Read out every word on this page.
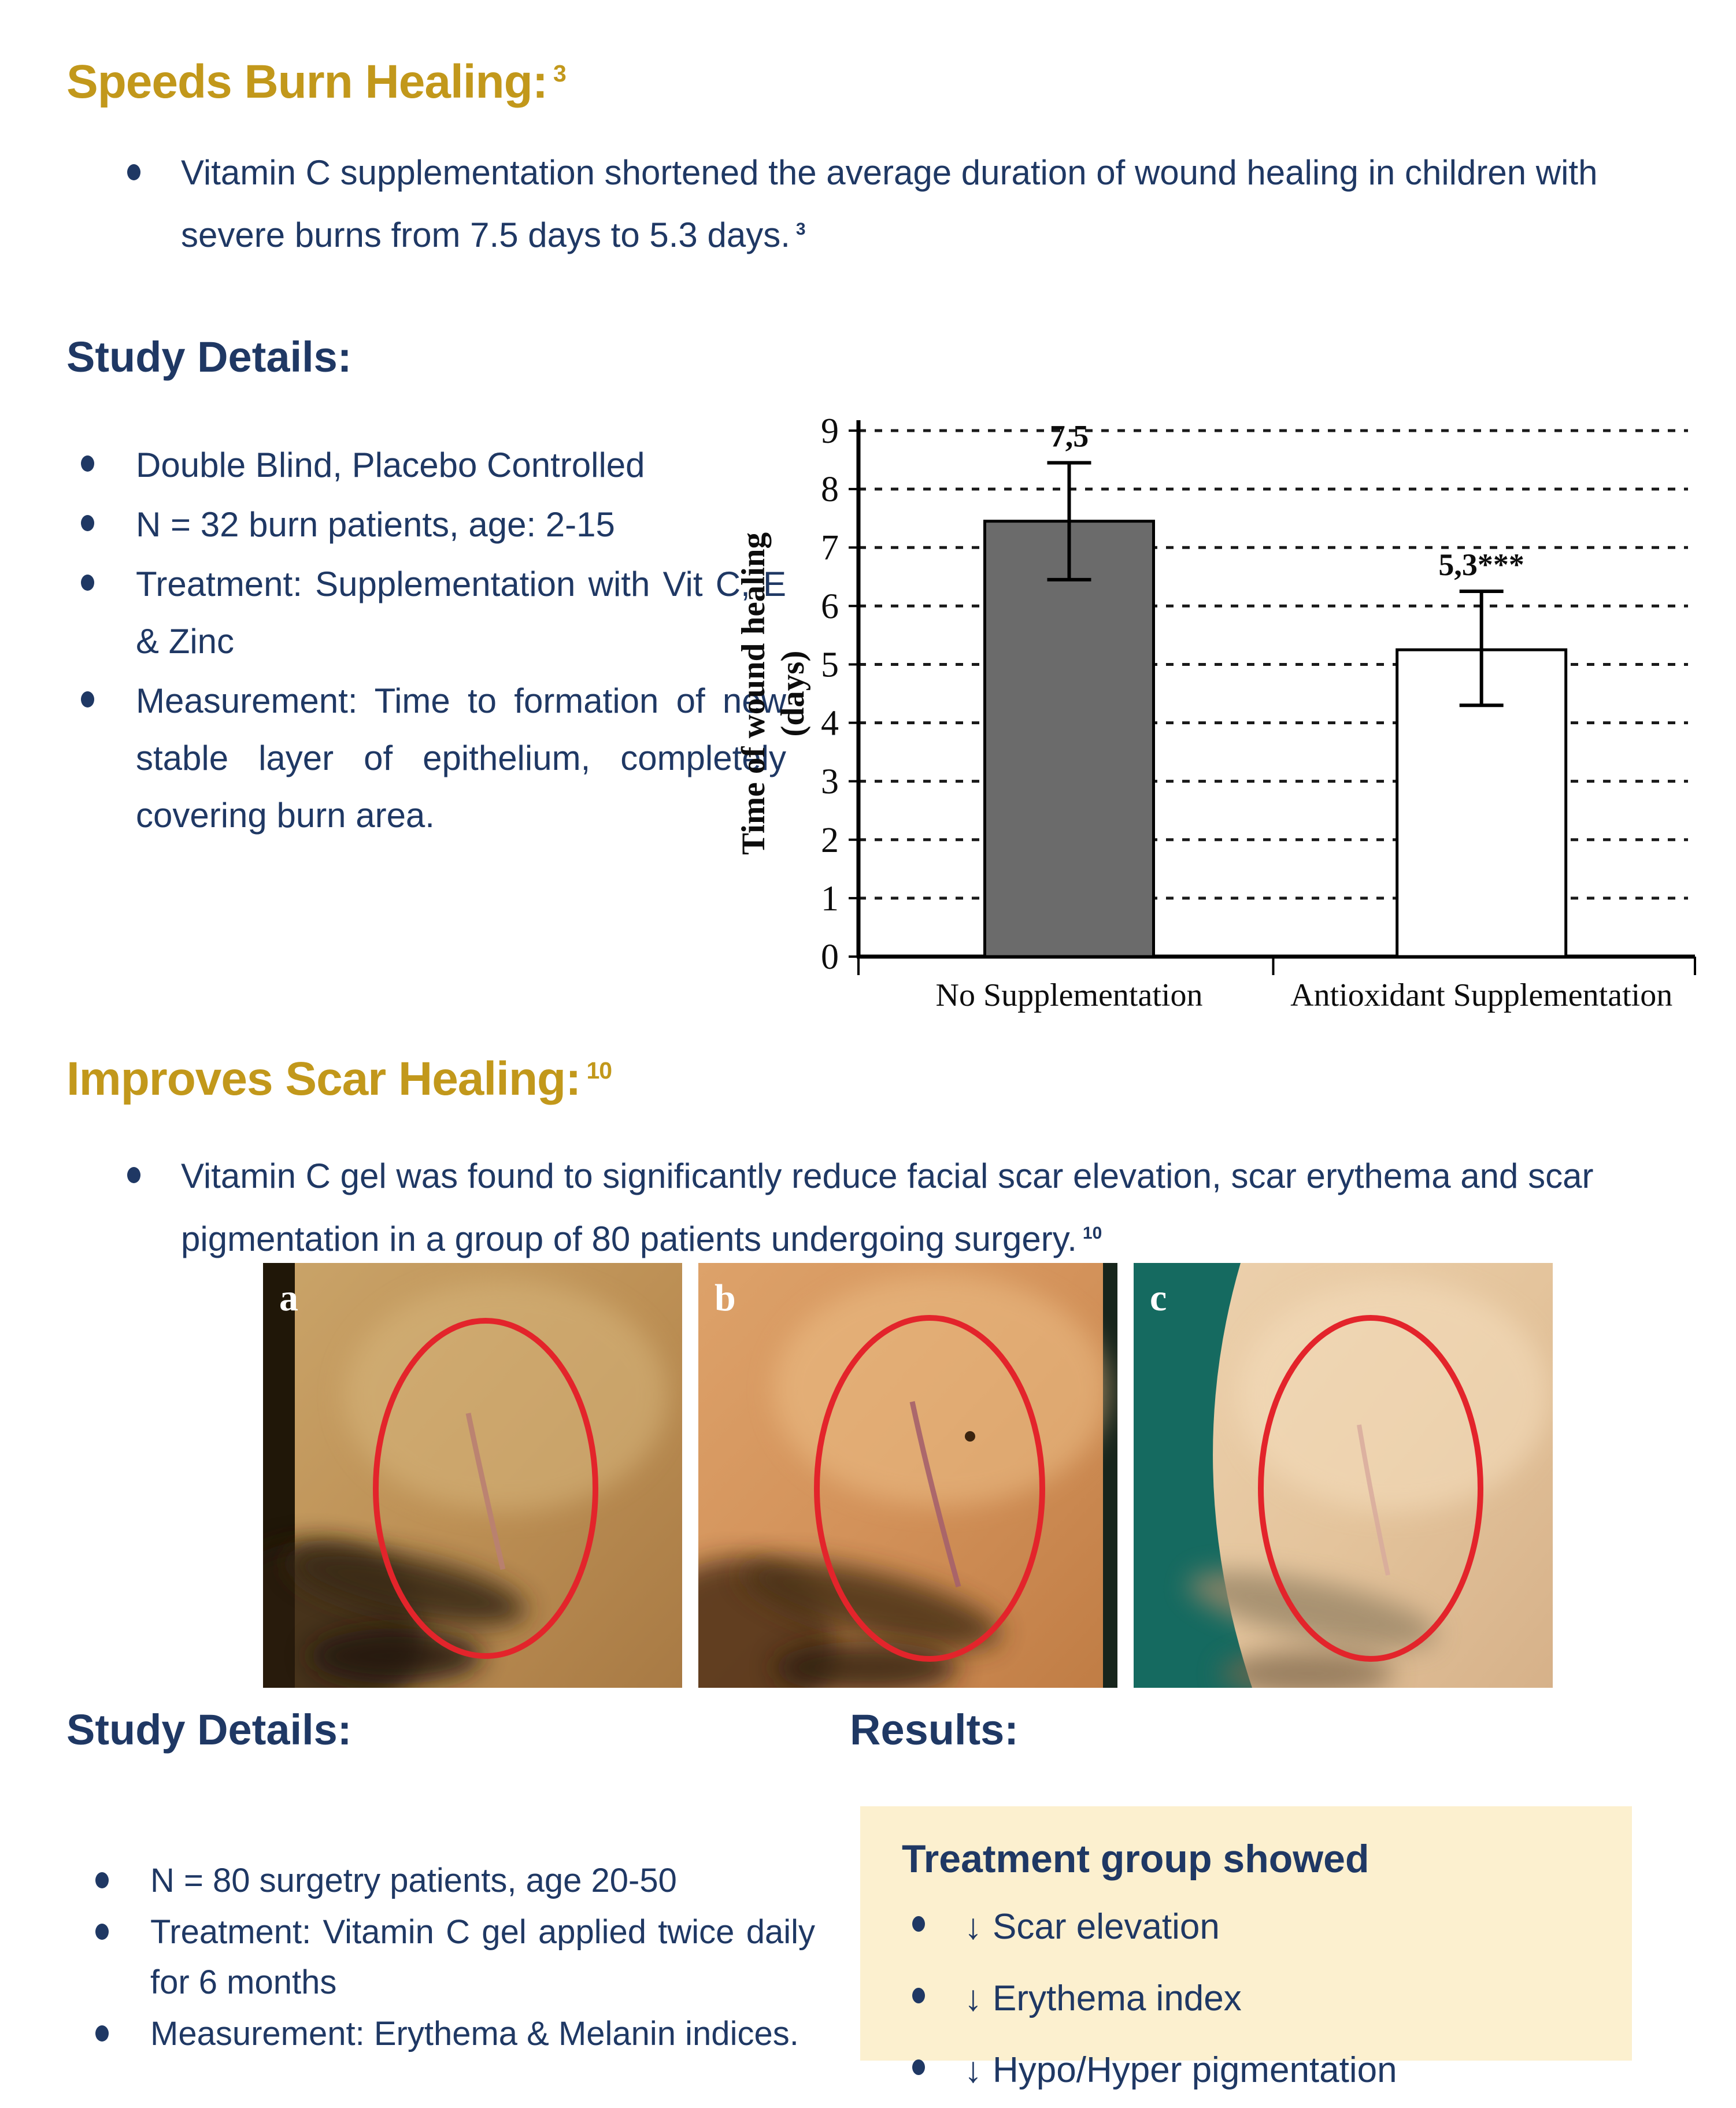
Speeds Burn Healing: $^3$
Vitamin C supplementation shortened the average duration of wound healing in children with severe burns from 7.5 days to 5.3 days. $^3$
Study Details:
Double Blind, Placebo Controlled
N = 32 burn patients, age: 2-15
Treatment: Supplementation with Vit C, E & Zinc
Measurement: Time to formation of new stable layer of epithelium, completely covering burn area.
0
1
2
3
4
5
6
7
8
9	7,5
No Supplementation
5,3***
Antioxidant Supplementation
Time of wound healing (days)
Improves Scar Healing: $^{10}$
Vitamin C gel was found to significantly reduce facial scar elevation, scar erythema and scar pigmentation in a group of 80 patients undergoing surgery. $^{10}$
a	b	c
Study Details:	Results:
N = 80 surgetry patients, age 20-50
Treatment: Vitamin C gel applied twice daily for 6 months
Measurement: Erythema & Melanin indices.
Treatment group showed
↓ Scar elevation
↓ Erythema index
↓ Hypo/Hyper pigmentation
